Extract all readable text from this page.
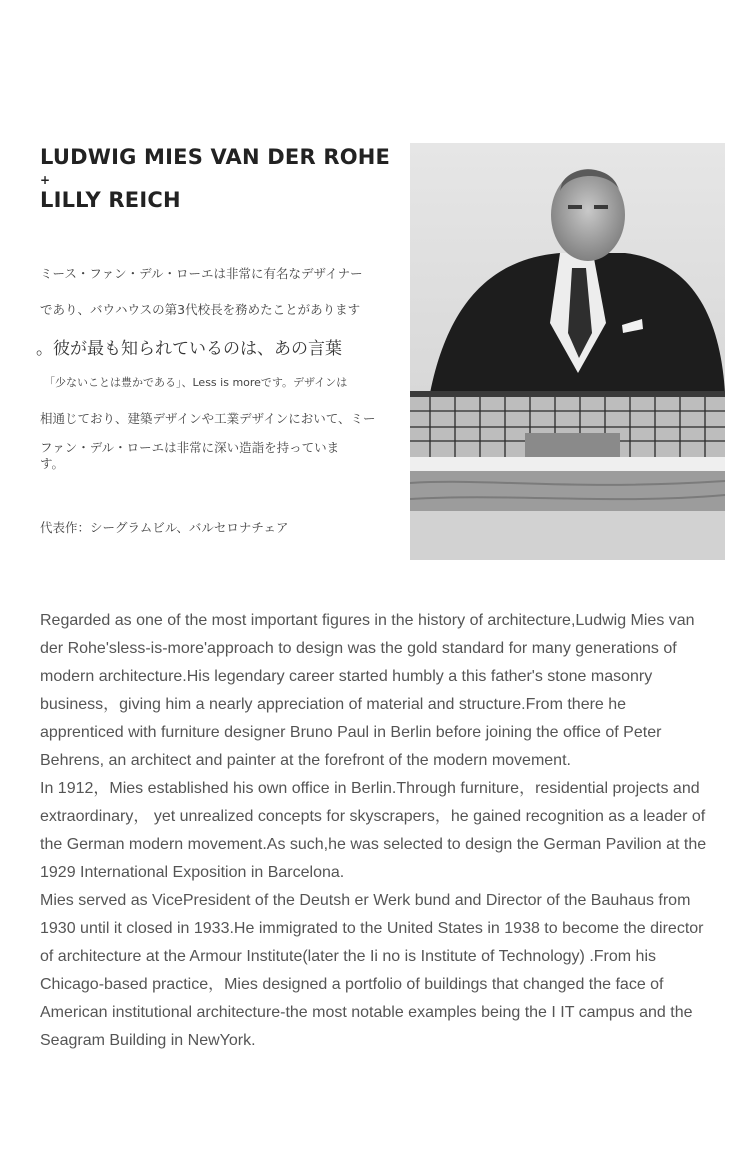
LUDWIG MIES VAN DER ROHE
+
LILLY REICH
ミース・ファン・デル・ローエは非常に有名なデザイナー
であり、バウハウスの第3代校長を務めたことがあります
。彼が最も知られているのは、あの言葉
「少ないことは豊かである」、Less is moreです。デザインは
相通じており、建築デザインや工業デザインにおいて、ミー
ファン・デル・ローエは非常に深い造詣を持っています。
代表作：シーグラムビル、バルセロナチェア

Regarded as one of the most important figures in the history of architecture,Ludwig Mies van der Rohe'sless-is-more'approach to design was the gold standard for many generations of modern architecture.His legendary career started humbly a this father's stone masonry business，giving him a nearly appreciation of material and structure.From there he apprenticed with furniture designer Bruno Paul in Berlin before joining the office of Peter Behrens, an architect and painter at the forefront of the modern movement.

In 1912，Mies established his own office in Berlin.Through furniture，residential projects and extraordinary， yet unrealized concepts for skyscrapers，he gained recognition as a leader of the German modern movement.As such,he was selected to design the German Pavilion at the 1929 International Exposition in Barcelona.

Mies served as VicePresident of the Deutsh er Werk bund and Director of the Bauhaus from 1930 until it closed in 1933.He immigrated to the United States in 1938 to become the director of architecture at the Armour Institute(later the Ii no is Institute of Technology) .From his Chicago-based practice，Mies designed a portfolio of buildings that changed the face of American institutional architecture-the most notable examples being the I IT campus and the Seagram Building in NewYork.
